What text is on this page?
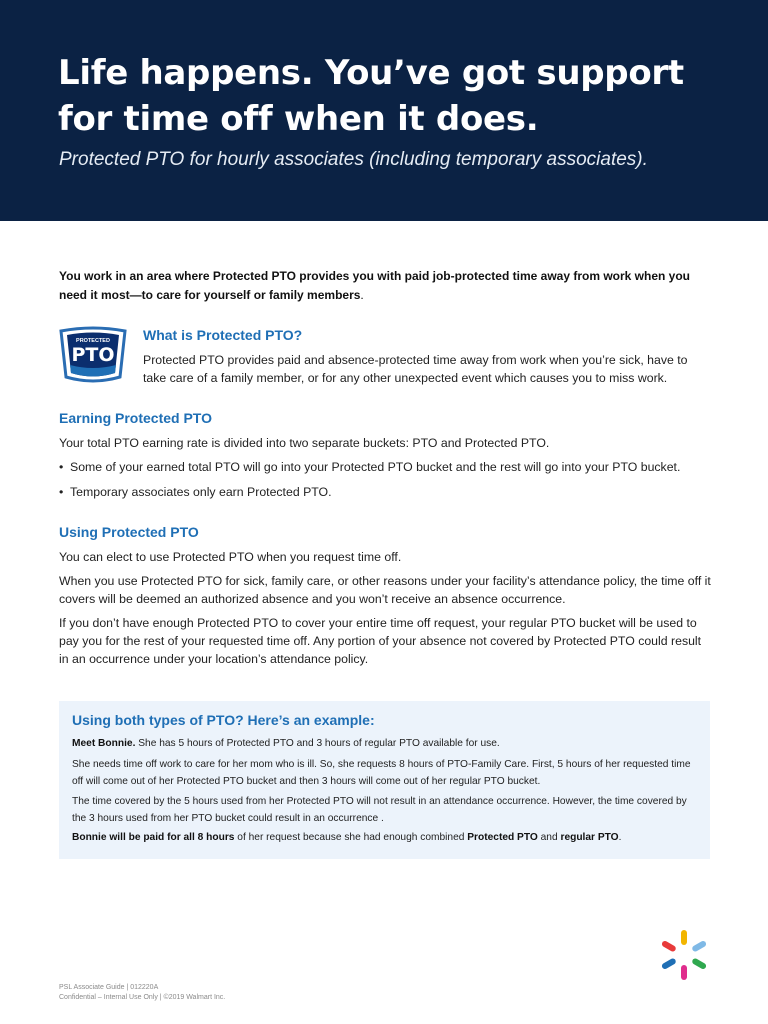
Life happens. You’ve got support for time off when it does.

Protected PTO for hourly associates (including temporary associates).

You work in an area where Protected PTO provides you with paid job-protected time away from work when you need it most—to care for yourself or family members.

PROTECTED
PTO
What is Protected PTO?

Protected PTO provides paid and absence-protected time away from work when you’re sick, have to take care of a family member, or for any other unexpected event which causes you to miss work.

Earning Protected PTO

Your total PTO earning rate is divided into two separate buckets: PTO and Protected PTO.

• Some of your earned total PTO will go into your Protected PTO bucket and the rest will go into your PTO bucket.

• Temporary associates only earn Protected PTO.

Using Protected PTO

You can elect to use Protected PTO when you request time off.

When you use Protected PTO for sick, family care, or other reasons under your facility’s attendance policy, the time off it covers will be deemed an authorized absence and you won’t receive an absence occurrence.

If you don’t have enough Protected PTO to cover your entire time off request, your regular PTO bucket will be used to pay you for the rest of your requested time off. Any portion of your absence not covered by Protected PTO could result in an occurrence under your location’s attendance policy.

Using both types of PTO? Here’s an example:

Meet Bonnie. She has 5 hours of Protected PTO and 3 hours of regular PTO available for use.

She needs time off work to care for her mom who is ill. So, she requests 8 hours of PTO-Family Care. First, 5 hours of her requested time off will come out of her Protected PTO bucket and then 3 hours will come out of her regular PTO bucket.

The time covered by the 5 hours used from her Protected PTO will not result in an attendance occurrence. However, the time covered by the 3 hours used from her PTO bucket could result in an occurrence .

Bonnie will be paid for all 8 hours of her request because she had enough combined Protected PTO and regular PTO.

PSL Associate Guide | 012220A
Confidential – Internal Use Only | ©2019 Walmart Inc.
